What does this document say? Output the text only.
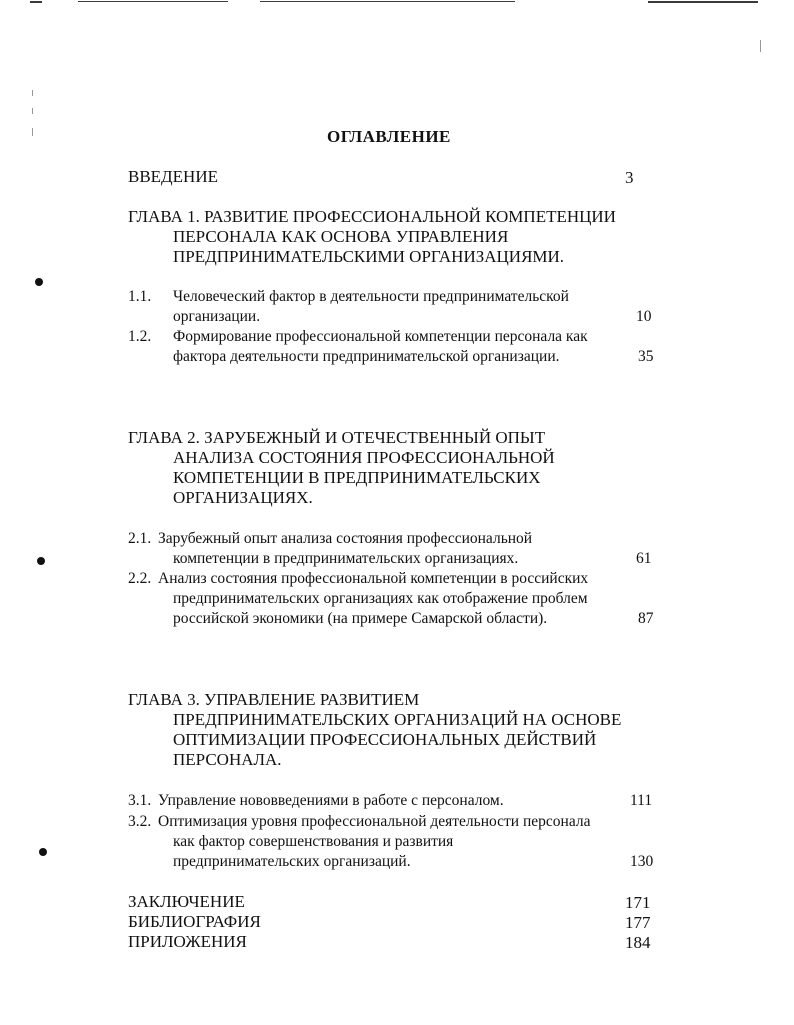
ОГЛАВЛЕНИЕ
ВВЕДЕНИЕ	3
ГЛАВА 1. РАЗВИТИЕ ПРОФЕССИОНАЛЬНОЙ КОМПЕТЕНЦИИ
ПЕРСОНАЛА КАК ОСНОВА УПРАВЛЕНИЯ
ПРЕДПРИНИМАТЕЛЬСКИМИ ОРГАНИЗАЦИЯМИ.
1.1. Человеческий фактор в деятельности предпринимательской
организации.	10
1.2. Формирование профессиональной компетенции персонала как
фактора деятельности предпринимательской организации.	35
ГЛАВА 2. ЗАРУБЕЖНЫЙ И ОТЕЧЕСТВЕННЫЙ ОПЫТ
АНАЛИЗА СОСТОЯНИЯ ПРОФЕССИОНАЛЬНОЙ
КОМПЕТЕНЦИИ В ПРЕДПРИНИМАТЕЛЬСКИХ
ОРГАНИЗАЦИЯХ.
2.1. Зарубежный опыт анализа состояния профессиональной
компетенции в предпринимательских организациях.	61
2.2. Анализ состояния профессиональной компетенции в российских
предпринимательских организациях как отображение проблем
российской экономики (на примере Самарской области).	87
ГЛАВА 3. УПРАВЛЕНИЕ РАЗВИТИЕМ
ПРЕДПРИНИМАТЕЛЬСКИХ ОРГАНИЗАЦИЙ НА ОСНОВЕ
ОПТИМИЗАЦИИ ПРОФЕССИОНАЛЬНЫХ ДЕЙСТВИЙ
ПЕРСОНАЛА.
3.1. Управление нововведениями в работе с персоналом.	111
3.2. Оптимизация уровня профессиональной деятельности персонала
как фактор совершенствования и развития
предпринимательских организаций.	130
ЗАКЛЮЧЕНИЕ	171
БИБЛИОГРАФИЯ	177
ПРИЛОЖЕНИЯ	184
